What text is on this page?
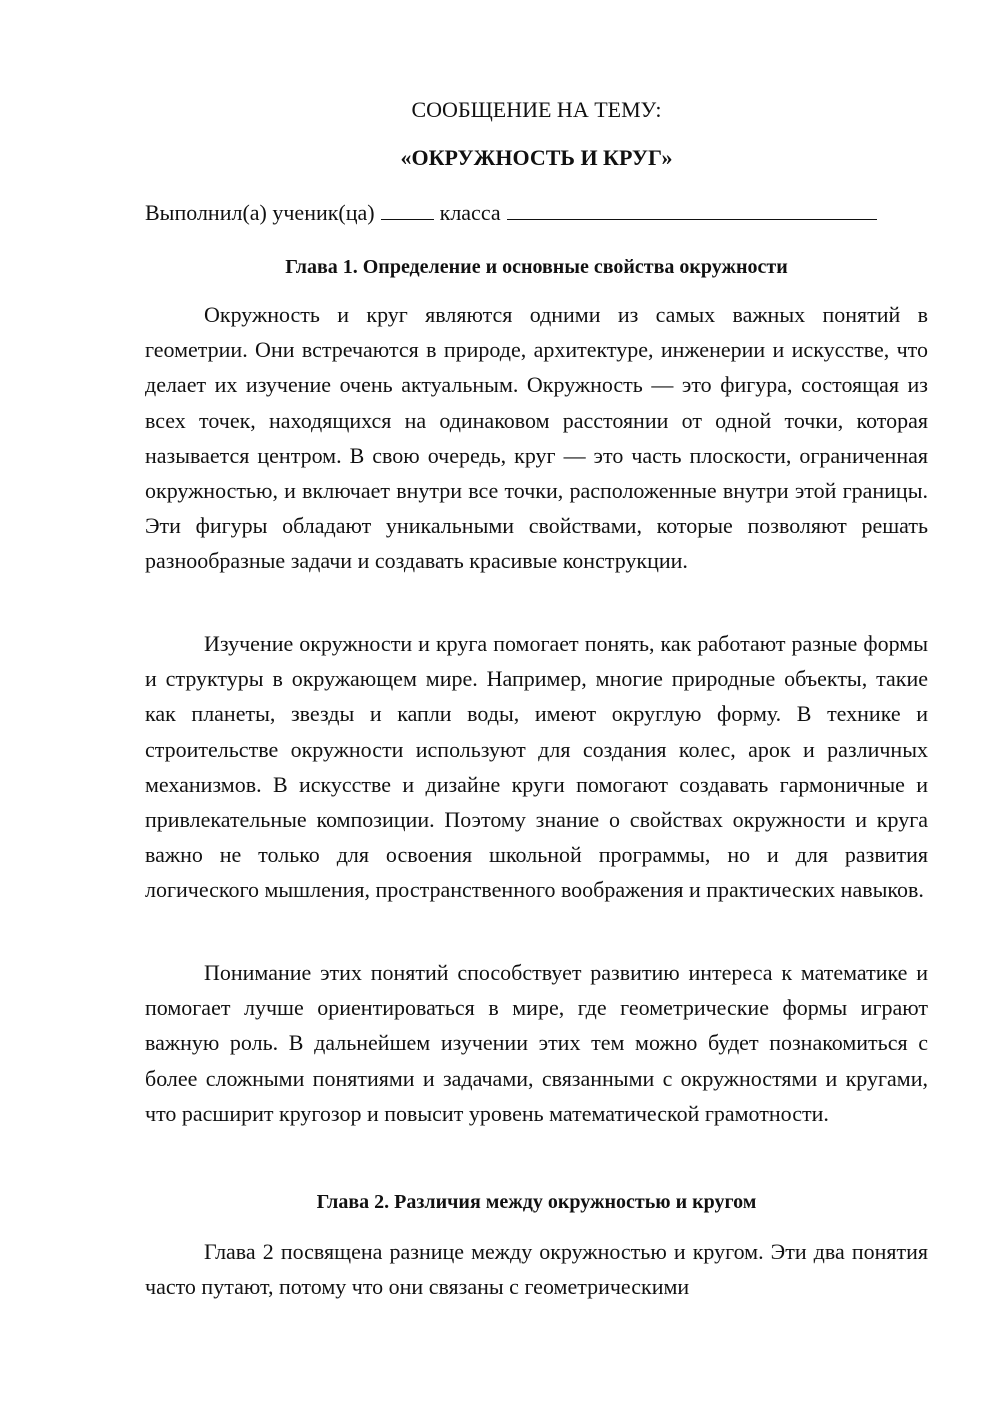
СООБЩЕНИЕ НА ТЕМУ:
«ОКРУЖНОСТЬ И КРУГ»
Выполнил(а) ученик(ца)	класса
Глава 1. Определение и основные свойства окружности

Окружность и круг являются одними из самых важных понятий в геометрии. Они встречаются в природе, архитектуре, инженерии и искусстве, что делает их изучение очень актуальным. Окружность — это фигура, состоящая из всех точек, находящихся на одинаковом расстоянии от одной точки, которая называется центром. В свою очередь, круг — это часть плоскости, ограниченная окружностью, и включает внутри все точки, расположенные внутри этой границы. Эти фигуры обладают уникальными свойствами, которые позволяют решать разнообразные задачи и создавать красивые конструкции.

Изучение окружности и круга помогает понять, как работают разные формы и структуры в окружающем мире. Например, многие природные объекты, такие как планеты, звезды и капли воды, имеют округлую форму. В технике и строительстве окружности используют для создания колес, арок и различных механизмов. В искусстве и дизайне круги помогают создавать гармоничные и привлекательные композиции. Поэтому знание о свойствах окружности и круга важно не только для освоения школьной программы, но и для развития логического мышления, пространственного воображения и практических навыков.

Понимание этих понятий способствует развитию интереса к математике и помогает лучше ориентироваться в мире, где геометрические формы играют важную роль. В дальнейшем изучении этих тем можно будет познакомиться с более сложными понятиями и задачами, связанными с окружностями и кругами, что расширит кругозор и повысит уровень математической грамотности.

Глава 2. Различия между окружностью и кругом

Глава 2 посвящена разнице между окружностью и кругом. Эти два понятия часто путают, потому что они связаны с геометрическими
